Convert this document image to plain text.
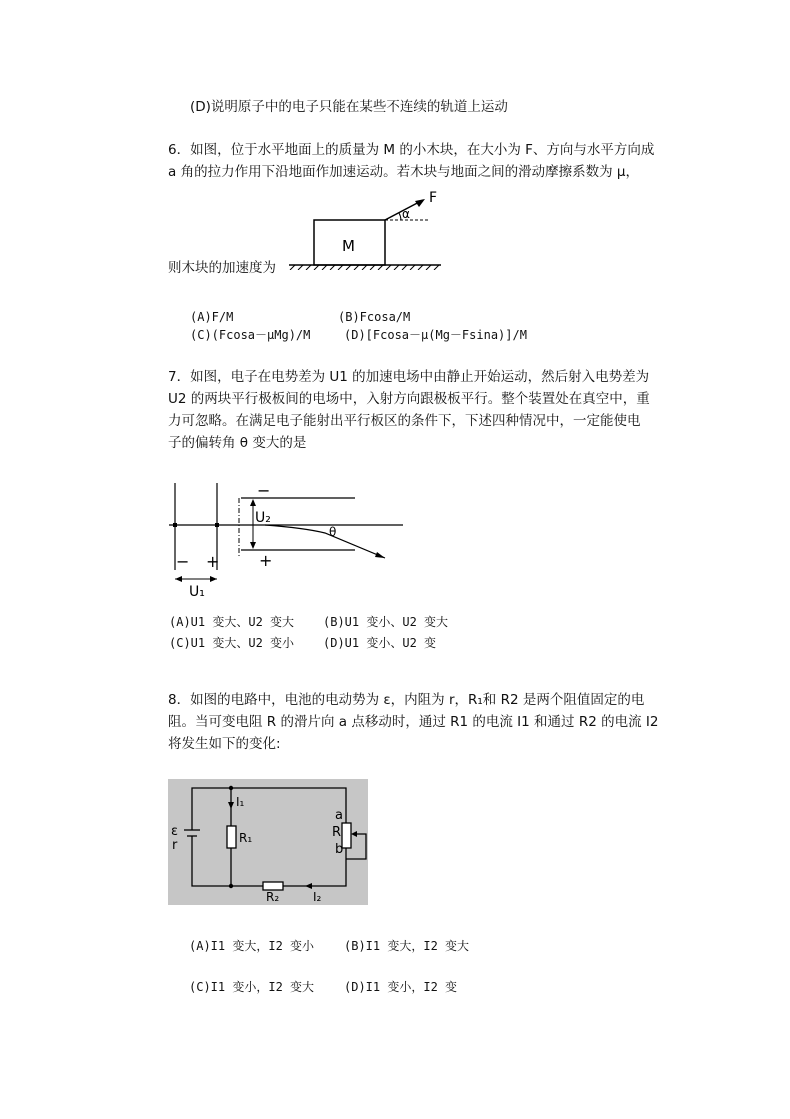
(D)说明原子中的电子只能在某些不连续的轨道上运动
6．如图，位于水平地面上的质量为 M 的小木块，在大小为 F、方向与水平方向成
a 角的拉力作用下沿地面作加速运动。若木块与地面之间的滑动摩擦系数为 μ，
则木块的加速度为
M
α
F
(A)F/M	(B)Fcosa/M
(C)(Fcosa－μMg)/M	(D)[Fcosa－μ(Mg－Fsina)]/M
7．如图，电子在电势差为 U1 的加速电场中由静止开始运动，然后射入电势差为
U2 的两块平行极板间的电场中，入射方向跟极板平行。整个装置处在真空中，重
力可忽略。在满足电子能射出平行板区的条件下，下述四种情况中，一定能使电
子的偏转角 θ 变大的是
− +
U₁
−
+
U₂
θ
(A)U1 变大、U2 变大 (B)U1 变小、U2 变大
(C)U1 变大、U2 变小 (D)U1 变小、U2 变
8．如图的电路中，电池的电动势为 ε，内阻为 r，R₁和 R2 是两个阻值固定的电
阻。当可变电阻 R 的滑片向 a 点移动时，通过 R1 的电流 I1 和通过 R2 的电流 I2
将发生如下的变化:
ε
r
I₁
R₁
a
R
b
R₂	I₂
(A)I1 变大，I2 变小 (B)I1 变大，I2 变大
(C)I1 变小，I2 变大 (D)I1 变小，I2 变
